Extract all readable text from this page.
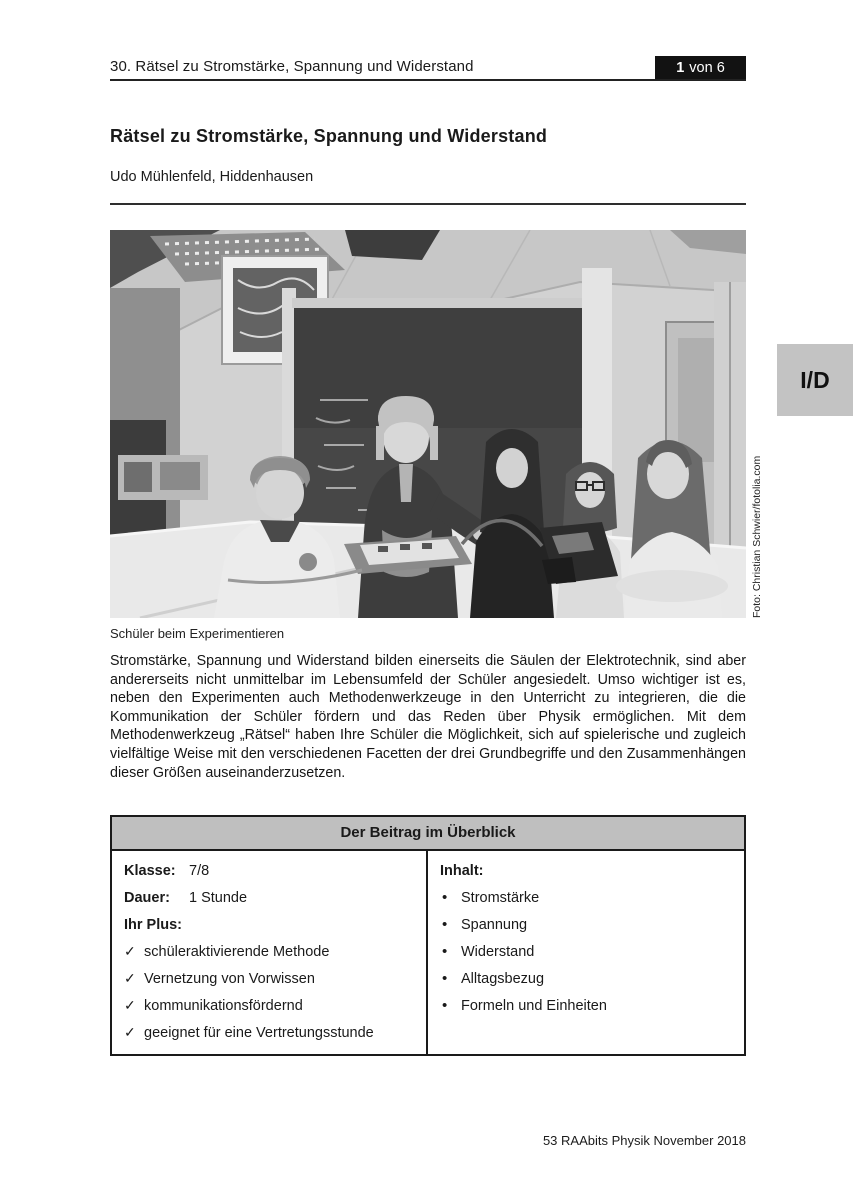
30. Rätsel zu Stromstärke, Spannung und Widerstand	1 von 6
Rätsel zu Stromstärke, Spannung und Widerstand
Udo Mühlenfeld, Hiddenhausen
Foto: Christian Schwier/fotolia.com
I/D
Schüler beim Experimentieren
Stromstärke, Spannung und Widerstand bilden einerseits die Säulen der Elektrotechnik, sind aber andererseits nicht unmittelbar im Lebensumfeld der Schüler angesiedelt. Umso wichtiger ist es, neben den Experimenten auch Methodenwerkzeuge in den Unterricht zu integrieren, die die Kommunikation der Schüler fördern und das Reden über Physik ermöglichen. Mit dem Methodenwerkzeug „Rätsel“ haben Ihre Schüler die Möglichkeit, sich auf spielerische und zugleich vielfältige Weise mit den verschiedenen Facetten der drei Grundbegriffe und den Zusammenhängen dieser Größen auseinanderzusetzen.
Der Beitrag im Überblick
Klasse: 7/8
Dauer:	1 Stunde
Ihr Plus:
✓ schüleraktivierende Methode
✓ Vernetzung von Vorwissen
✓ kommunikationsfördernd
✓ geeignet für eine Vertretungsstunde
Inhalt:
• Stromstärke
• Spannung
• Widerstand
• Alltagsbezug
• Formeln und Einheiten
53 RAAbits Physik November 2018
